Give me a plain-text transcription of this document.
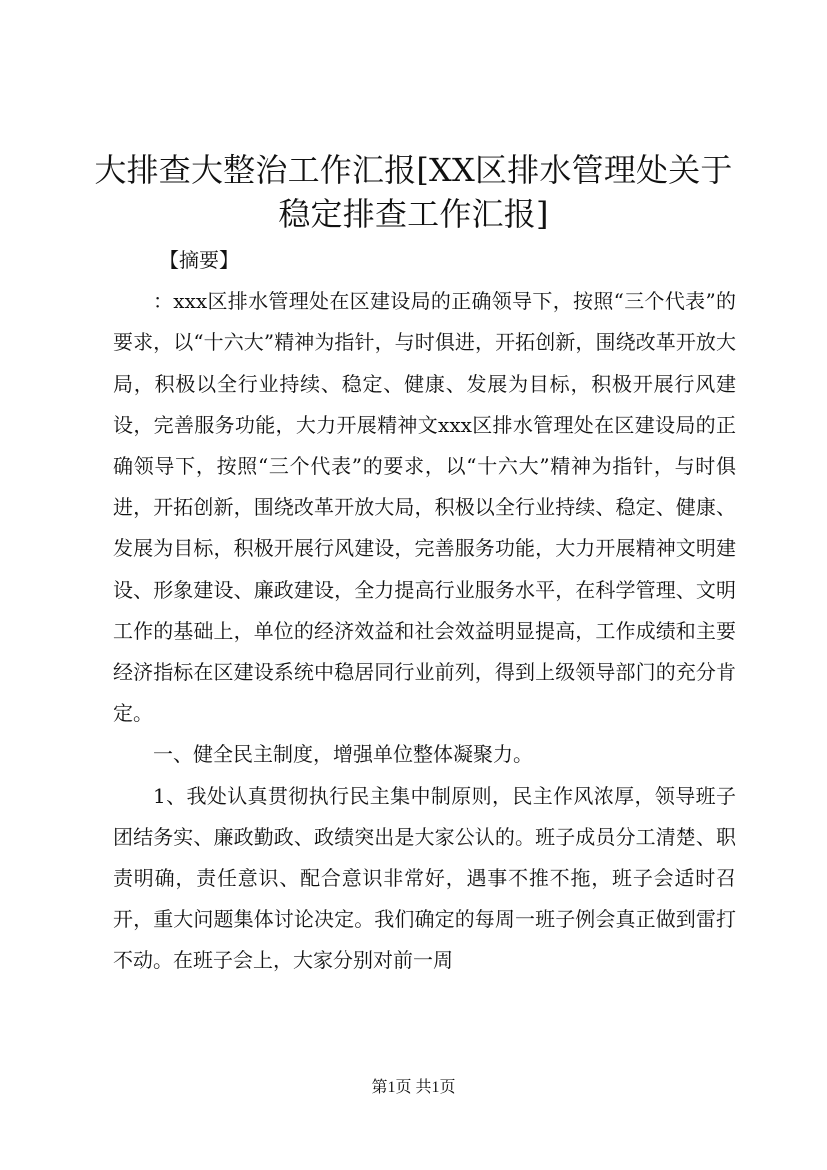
大排查大整治工作汇报[XX区排水管理处关于
稳定排查工作汇报]

【摘要】

：xxx区排水管理处在区建设局的正确领导下，按照“三个代表”的要求，以“十六大”精神为指针，与时俱进，开拓创新，围绕改革开放大局，积极以全行业持续、稳定、健康、发展为目标，积极开展行风建设，完善服务功能，大力开展精神文xxx区排水管理处在区建设局的正确领导下，按照“三个代表”的要求，以“十六大”精神为指针，与时俱进，开拓创新，围绕改革开放大局，积极以全行业持续、稳定、健康、发展为目标，积极开展行风建设，完善服务功能，大力开展精神文明建设、形象建设、廉政建设，全力提高行业服务水平，在科学管理、文明工作的基础上，单位的经济效益和社会效益明显提高，工作成绩和主要经济指标在区建设系统中稳居同行业前列，得到上级领导部门的充分肯定。

一、健全民主制度，增强单位整体凝聚力。

1、我处认真贯彻执行民主集中制原则，民主作风浓厚，领导班子团结务实、廉政勤政、政绩突出是大家公认的。班子成员分工清楚、职责明确，责任意识、配合意识非常好，遇事不推不拖，班子会适时召开，重大问题集体讨论决定。我们确定的每周一班子例会真正做到雷打不动。在班子会上，大家分别对前一周

第1页 共1页
